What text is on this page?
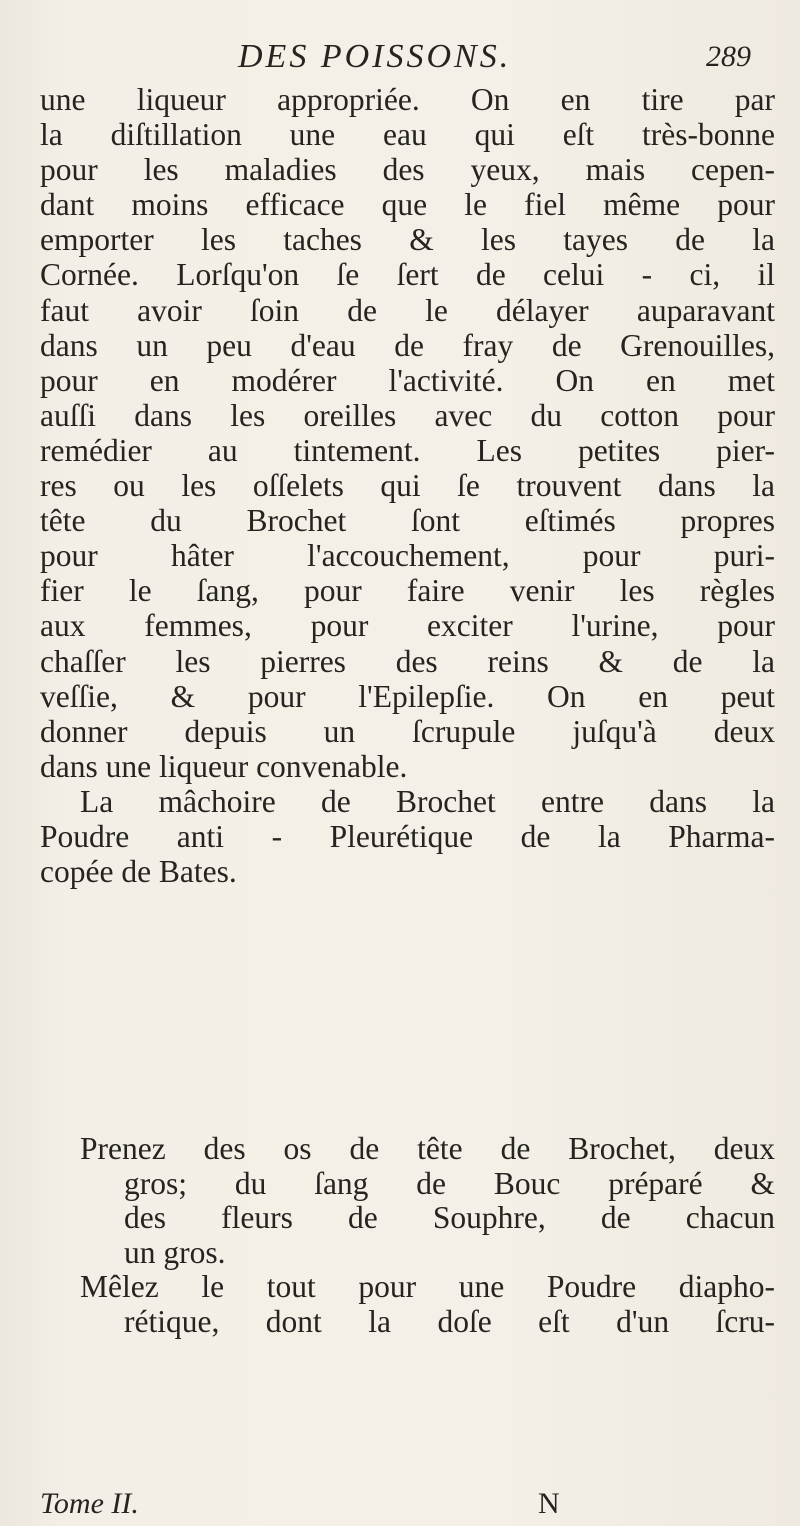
DES POISSONS.	289
une liqueur appropriée. On en tire par
la diſtillation une eau qui eſt très-bonne
pour les maladies des yeux, mais cepen-
dant moins efficace que le fiel même pour
emporter les taches & les tayes de la
Cornée. Lorſqu'on ſe ſert de celui - ci, il
faut avoir ſoin de le délayer auparavant
dans un peu d'eau de fray de Grenouilles,
pour en modérer l'activité. On en met
auſſi dans les oreilles avec du cotton pour
remédier au tintement. Les petites pier-
res ou les oſſelets qui ſe trouvent dans la
tête du Brochet ſont eſtimés propres
pour hâter l'accouchement, pour puri-
fier le ſang, pour faire venir les règles
aux femmes, pour exciter l'urine, pour
chaſſer les pierres des reins & de la
veſſie, & pour l'Epilepſie. On en peut
donner depuis un ſcrupule juſqu'à deux
dans une liqueur convenable.
La mâchoire de Brochet entre dans la
Poudre anti - Pleurétique de la Pharma-
copée de Bates.
Prenez des os de tête de Brochet, deux
gros; du ſang de Bouc préparé &
des fleurs de Souphre, de chacun
un gros.
Mêlez le tout pour une Poudre diapho-
rétique, dont la doſe eſt d'un ſcru-
Tome II.	N
